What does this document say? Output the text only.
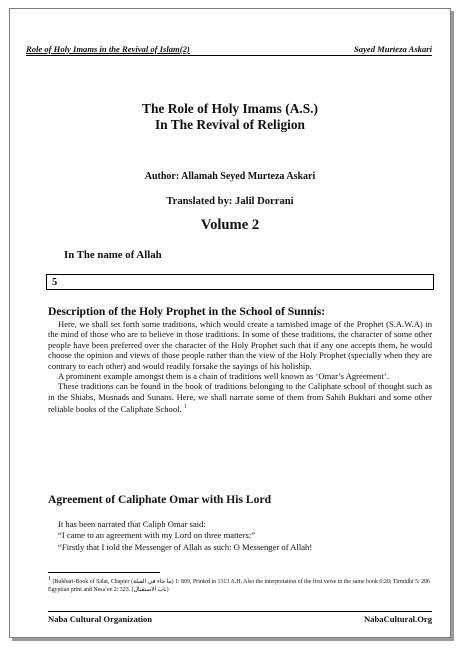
Role of Holy Imams in the Revival of Islam(2)	Sayed Murteza Askari
The Role of Holy Imams (A.S.)
In The Revival of Religion
Author: Allamah Seyed Murteza Askari
Translated by: Jalil Dorrani
Volume 2
In The name of Allah
5
Description of the Holy Prophet in the School of Sunnis:

Here, we shall set forth some traditions, which would create a tarnished image of the Prophet (S.A.W.A) in the mind of those who are to believe in those traditions. In some of these traditions, the character of some other people have been preferred over the character of the Holy Prophet such that if any one accepts them, he would choose the opinion and views of those people rather than the view of the Holy Prophet (specially when they are contrary to each other) and would readily forsake the sayings of his holiship.

A prominent example amongst them is a chain of traditions well known as ‘Omar’s Agreement’.

These traditions can be found in the book of traditions belonging to the Caliphate school of thought such as in the Shiabs, Musnads and Sunans. Here, we shall narrate some of them from Sahih Bukhari and some other reliable books of the Caliphate School. $^1$

Agreement of Caliphate Omar with His Lord

It has been narrated that Caliph Omar said:

“I came to an agreement with my Lord on three matters:”

“Firstly that I told the Messenger of Allah as such: O Messenger of Allah!

$^1$ (Bukhari-Book of Salat, Chapter (ما جاء في القبلة) 1: 809, Printed in 1313 A.H. Also the interpretation of the first verse in the same book 6:20; Tirmidhi 5: 206 Egyptian print and Nesa’ee 2: 323. (باب الاستقبال)
Naba Cultural Organization	NabaCultural.Org
